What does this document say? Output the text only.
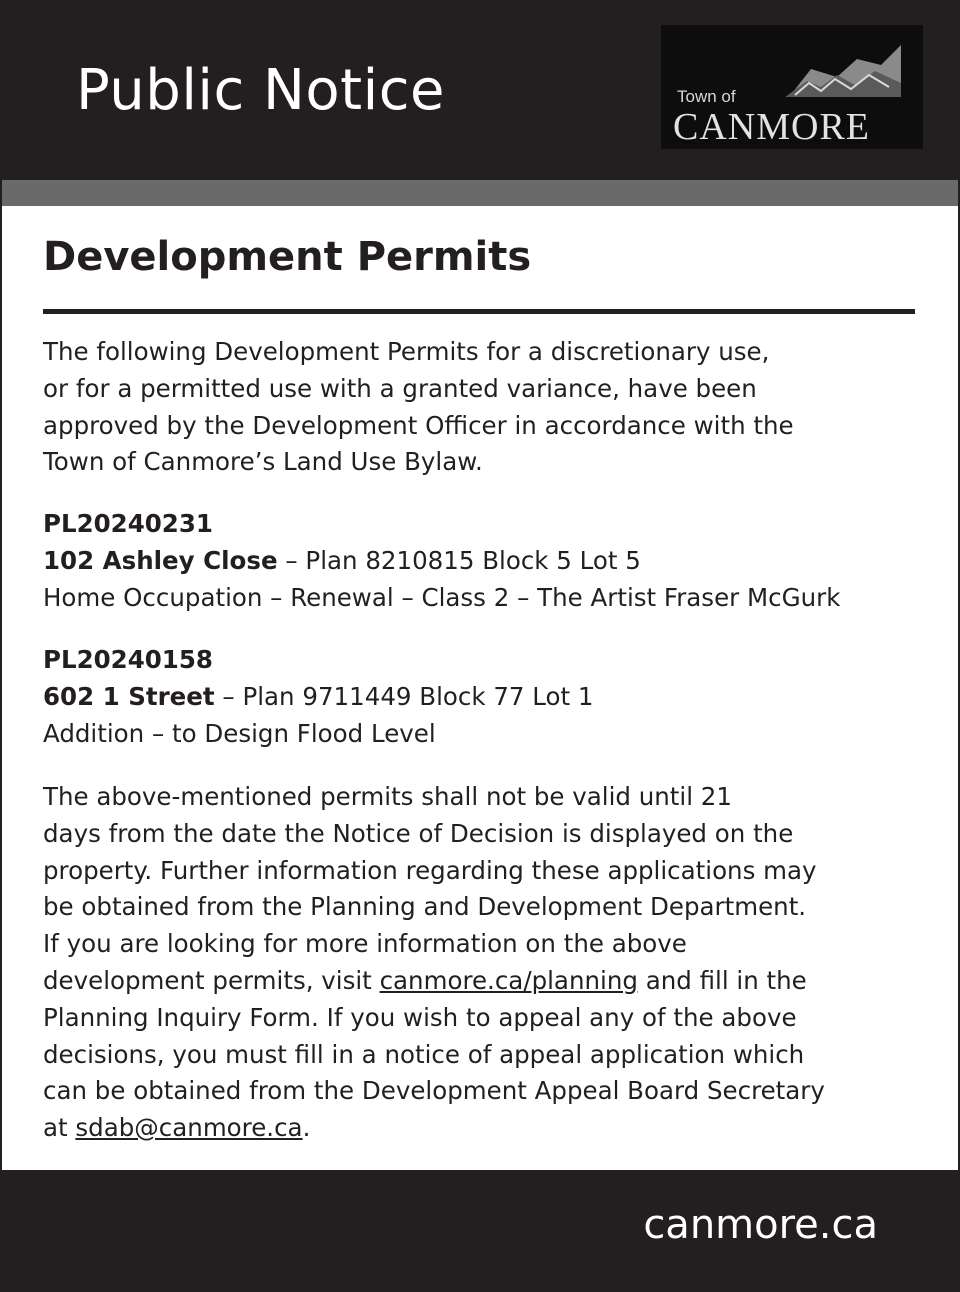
Public Notice	Town of
CANMORE
Development Permits
The following Development Permits for a discretionary use,
or for a permitted use with a granted variance, have been
approved by the Development Officer in accordance with the
Town of Canmore’s Land Use Bylaw.
PL20240231
102 Ashley Close – Plan 8210815 Block 5 Lot 5
Home Occupation – Renewal – Class 2 – The Artist Fraser McGurk
PL20240158
602 1 Street – Plan 9711449 Block 77 Lot 1
Addition – to Design Flood Level
The above-mentioned permits shall not be valid until 21
days from the date the Notice of Decision is displayed on the
property. Further information regarding these applications may
be obtained from the Planning and Development Department.
If you are looking for more information on the above
development permits, visit canmore.ca/planning and fill in the
Planning Inquiry Form. If you wish to appeal any of the above
decisions, you must fill in a notice of appeal application which
can be obtained from the Development Appeal Board Secretary
at sdab@canmore.ca.
canmore.ca
